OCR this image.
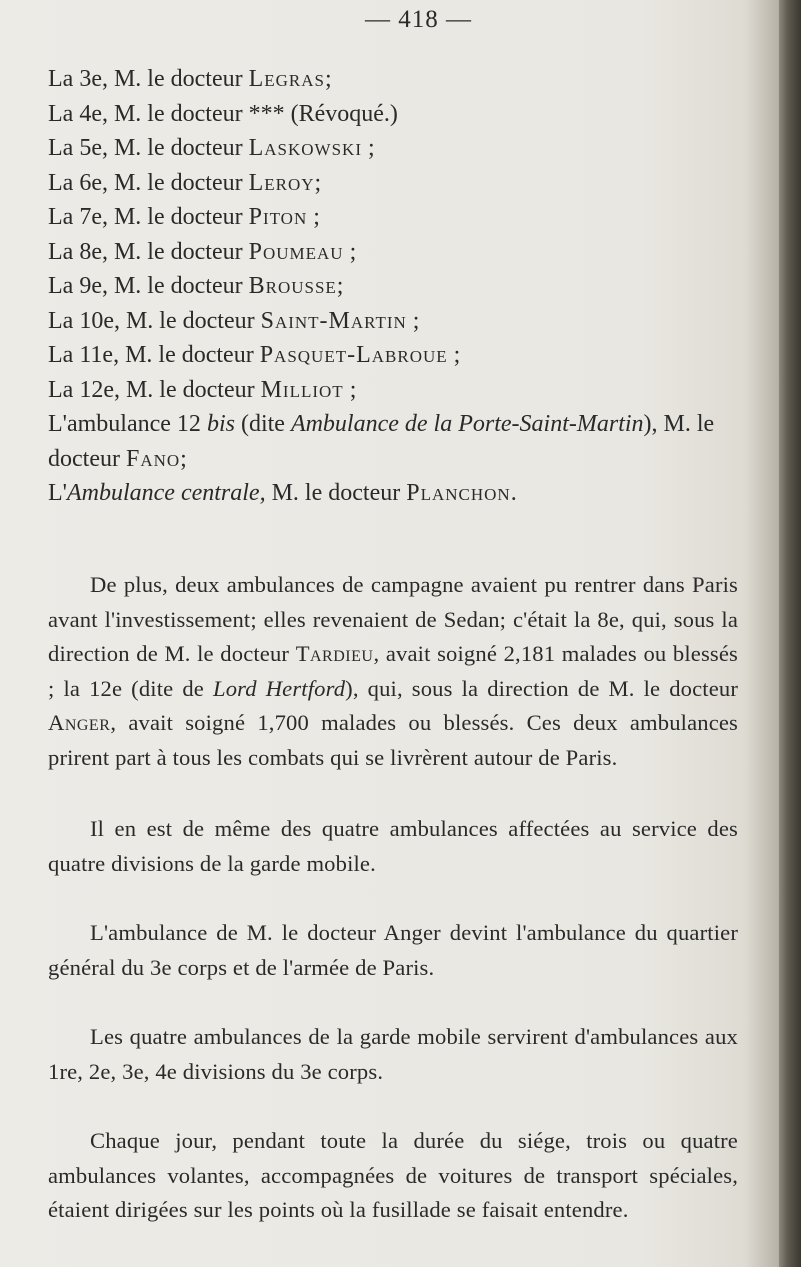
— 418 —
La 3e, M. le docteur Legras;
La 4e, M. le docteur *** (Révoqué.)
La 5e, M. le docteur Laskowski ;
La 6e, M. le docteur Leroy;
La 7e, M. le docteur Piton ;
La 8e, M. le docteur Poumeau ;
La 9e, M. le docteur Brousse;
La 10e, M. le docteur Saint-Martin ;
La 11e, M. le docteur Pasquet-Labroue ;
La 12e, M. le docteur Milliot ;
L'ambulance 12 bis (dite Ambulance de la Porte-Saint-Martin), M. le docteur Fano;
L'Ambulance centrale, M. le docteur Planchon.
De plus, deux ambulances de campagne avaient pu rentrer dans Paris avant l'investissement; elles revenaient de Sedan; c'était la 8e, qui, sous la direction de M. le docteur Tardieu, avait soigné 2,181 malades ou blessés ; la 12e (dite de Lord Hertford), qui, sous la direction de M. le docteur Anger, avait soigné 1,700 malades ou blessés. Ces deux ambulances prirent part à tous les combats qui se livrèrent autour de Paris.
Il en est de même des quatre ambulances affectées au service des quatre divisions de la garde mobile.
L'ambulance de M. le docteur Anger devint l'ambulance du quartier général du 3e corps et de l'armée de Paris.
Les quatre ambulances de la garde mobile servirent d'ambulances aux 1re, 2e, 3e, 4e divisions du 3e corps.
Chaque jour, pendant toute la durée du siége, trois ou quatre ambulances volantes, accompagnées de voitures de transport spéciales, étaient dirigées sur les points où la fusillade se faisait entendre.
